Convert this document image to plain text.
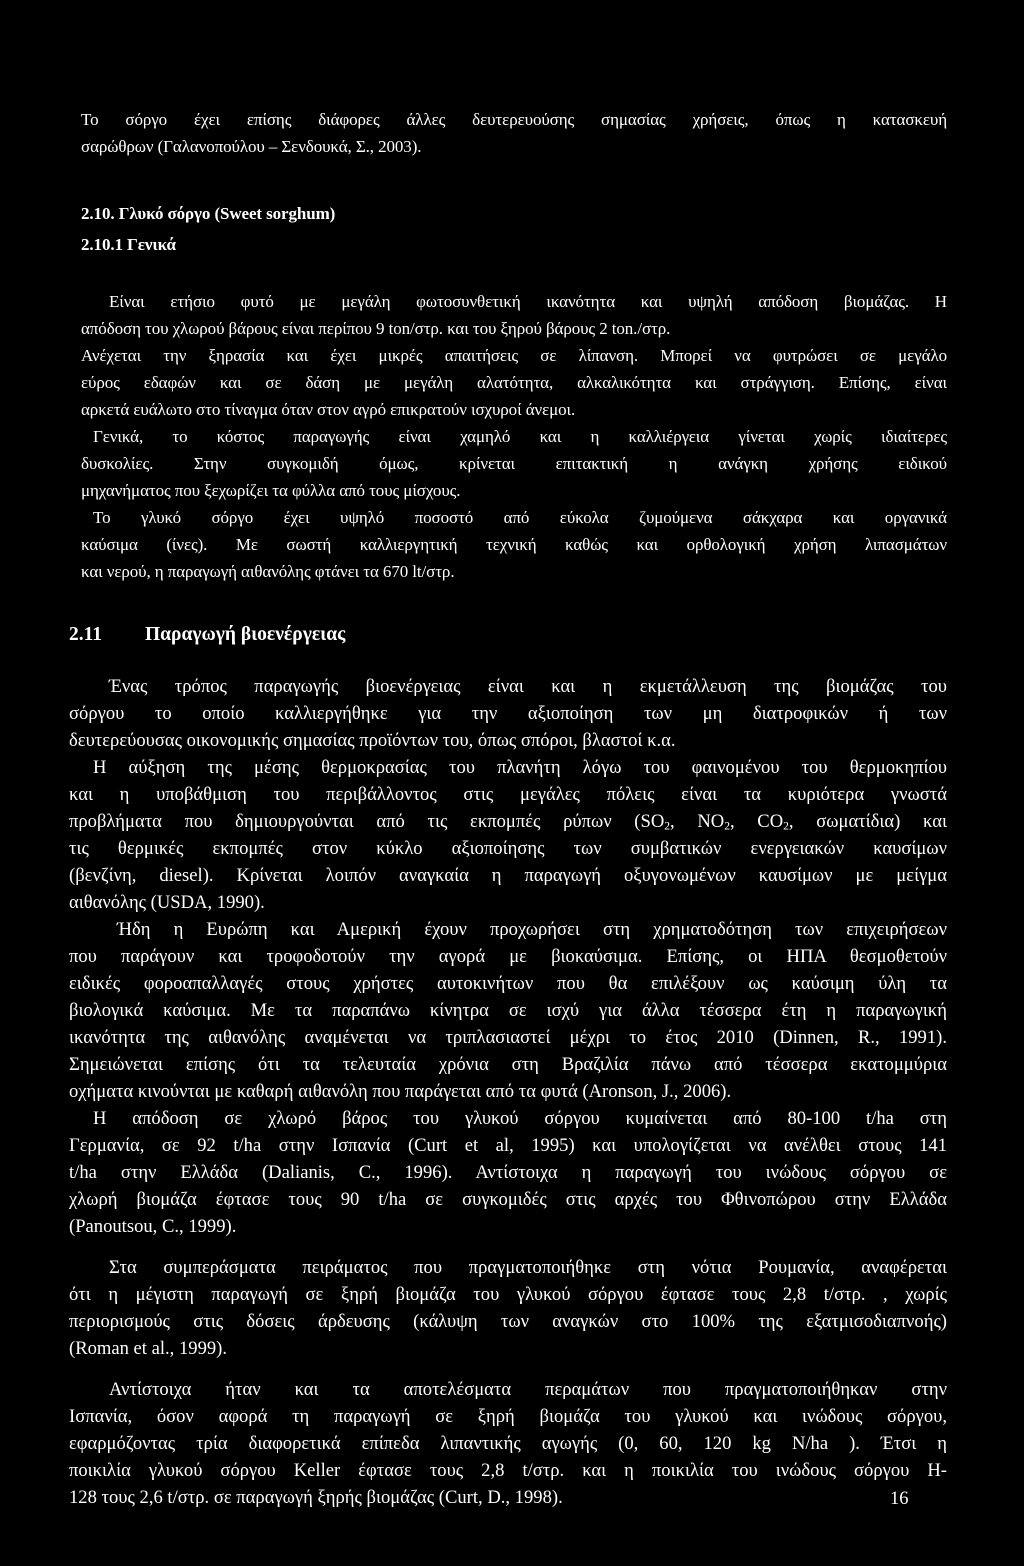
Το σόργο έχει επίσης διάφορες άλλες δευτερευούσης σημασίας χρήσεις, όπως η κατασκευή

σαρώθρων (Γαλανοπούλου – Σενδουκά, Σ., 2003).

2.10. Γλυκό σόργο (Sweet sorghum)

2.10.1 Γενικά

Είναι ετήσιο φυτό με μεγάλη φωτοσυνθετική ικανότητα και υψηλή απόδοση βιομάζας. Η

απόδοση του χλωρού βάρους είναι περίπου 9 ton/στρ. και του ξηρού βάρους 2 ton./στρ.

Ανέχεται την ξηρασία και έχει μικρές απαιτήσεις σε λίπανση. Μπορεί να φυτρώσει σε μεγάλο

εύρος εδαφών και σε δάση με μεγάλη αλατότητα, αλκαλικότητα και στράγγιση. Επίσης, είναι

αρκετά ευάλωτο στο τίναγμα όταν στον αγρό επικρατούν ισχυροί άνεμοι.

Γενικά, το κόστος παραγωγής είναι χαμηλό και η καλλιέργεια γίνεται χωρίς ιδιαίτερες

δυσκολίες. Στην συγκομιδή όμως, κρίνεται επιτακτική η ανάγκη χρήσης ειδικού

μηχανήματος που ξεχωρίζει τα φύλλα από τους μίσχους.

Το γλυκό σόργο έχει υψηλό ποσοστό από εύκολα ζυμούμενα σάκχαρα και οργανικά

καύσιμα (ίνες). Με σωστή καλλιεργητική τεχνική καθώς και ορθολογική χρήση λιπασμάτων

και νερού, η παραγωγή αιθανόλης φτάνει τα 670 lt/στρ.

2.11 Παραγωγή βιοενέργειας

Ένας τρόπος παραγωγής βιοενέργειας είναι και η εκμετάλλευση της βιομάζας του

σόργου το οποίο καλλιεργήθηκε για την αξιοποίηση των μη διατροφικών ή των

δευτερεύουσας οικονομικής σημασίας προϊόντων του, όπως σπόροι, βλαστοί κ.α.

Η αύξηση της μέσης θερμοκρασίας του πλανήτη λόγω του φαινομένου του θερμοκηπίου

και η υποβάθμιση του περιβάλλοντος στις μεγάλες πόλεις είναι τα κυριότερα γνωστά

προβλήματα που δημιουργούνται από τις εκπομπές ρύπων ($SO_2$, $NO_2$, $CO_2$, σωματίδια) και

τις θερμικές εκπομπές στον κύκλο αξιοποίησης των συμβατικών ενεργειακών καυσίμων

(βενζίνη, diesel). Κρίνεται λοιπόν αναγκαία η παραγωγή οξυγονωμένων καυσίμων με μείγμα

αιθανόλης (USDA, 1990).

Ήδη η Ευρώπη και Αμερική έχουν προχωρήσει στη χρηματοδότηση των επιχειρήσεων

που παράγουν και τροφοδοτούν την αγορά με βιοκαύσιμα. Επίσης, οι ΗΠΑ θεσμοθετούν

ειδικές φοροαπαλλαγές στους χρήστες αυτοκινήτων που θα επιλέξουν ως καύσιμη ύλη τα

βιολογικά καύσιμα. Με τα παραπάνω κίνητρα σε ισχύ για άλλα τέσσερα έτη η παραγωγική

ικανότητα της αιθανόλης αναμένεται να τριπλασιαστεί μέχρι το έτος 2010 (Dinnen, R., 1991).

Σημειώνεται επίσης ότι τα τελευταία χρόνια στη Βραζιλία πάνω από τέσσερα εκατομμύρια

οχήματα κινούνται με καθαρή αιθανόλη που παράγεται από τα φυτά (Aronson, J., 2006).

Η απόδοση σε χλωρό βάρος του γλυκού σόργου κυμαίνεται από 80-100 t/ha στη

Γερμανία, σε 92 t/ha στην Ισπανία (Curt et al, 1995) και υπολογίζεται να ανέλθει στους 141

t/ha στην Ελλάδα (Dalianis, C., 1996). Αντίστοιχα η παραγωγή του ινώδους σόργου σε

χλωρή βιομάζα έφτασε τους 90 t/ha σε συγκομιδές στις αρχές του Φθινοπώρου στην Ελλάδα

(Panoutsou, C., 1999).

Στα συμπεράσματα πειράματος που πραγματοποιήθηκε στη νότια Ρουμανία, αναφέρεται

ότι η μέγιστη παραγωγή σε ξηρή βιομάζα του γλυκού σόργου έφτασε τους 2,8 t/στρ. , χωρίς

περιορισμούς στις δόσεις άρδευσης (κάλυψη των αναγκών στο 100% της εξατμισοδιαπνοής)

(Roman et al., 1999).

Αντίστοιχα ήταν και τα αποτελέσματα περαμάτων που πραγματοποιήθηκαν στην

Ισπανία, όσον αφορά τη παραγωγή σε ξηρή βιομάζα του γλυκού και ινώδους σόργου,

εφαρμόζοντας τρία διαφορετικά επίπεδα λιπαντικής αγωγής (0, 60, 120 kg N/ha ). Έτσι η

ποικιλία γλυκού σόργου Keller έφτασε τους 2,8 t/στρ. και η ποικιλία του ινώδους σόργου Η-

128 τους 2,6 t/στρ. σε παραγωγή ξηρής βιομάζας (Curt, D., 1998).	16
